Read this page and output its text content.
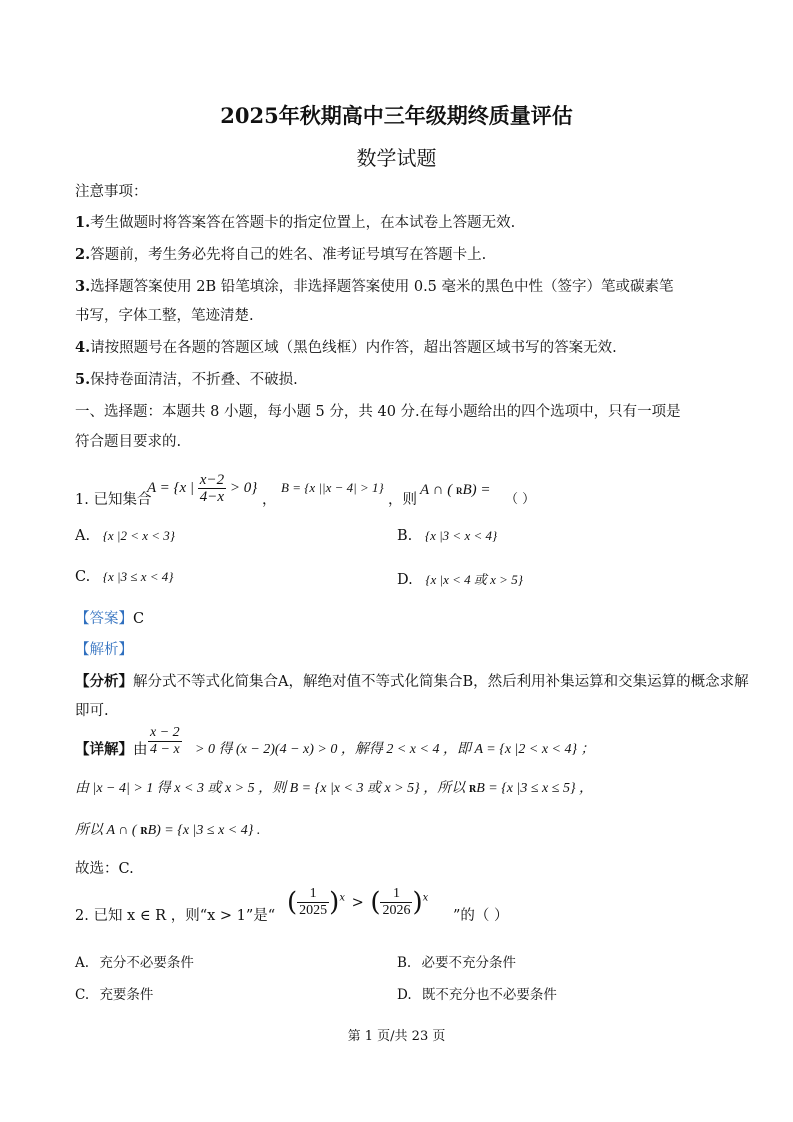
2025年秋期高中三年级期终质量评估
数学试题
注意事项：
1.考生做题时将答案答在答题卡的指定位置上，在本试卷上答题无效.
2.答题前，考生务必先将自己的姓名、准考证号填写在答题卡上.
3.选择题答案使用 2B 铅笔填涂，非选择题答案使用 0.5 毫米的黑色中性（签字）笔或碳素笔
书写，字体工整，笔迹清楚.
4.请按照题号在各题的答题区域（黑色线框）内作答，超出答题区域书写的答案无效.
5.保持卷面清洁，不折叠、不破损.
一、选择题：本题共 8 小题，每小题 5 分，共 40 分.在每小题给出的四个选项中，只有一项是
符合题目要求的.
1. 已知集合
A = {x | $\frac{x-2}{4-x} > 0$}
，
B = {x ||x − 4| > 1}
，则
A ∩ ( RB) =
（ ）
A. {x |2 < x < 3}	B. {x |3 < x < 4}
C. {x |3 ≤ x < 4}	D. {x |x < 4 或 x > 5}
【答案】C
【解析】
【分析】解分式不等式化简集合A，解绝对值不等式化简集合B，然后利用补集运算和交集运算的概念求解
即可.
【详解】 由 $\frac{x - 2}{4 - x} > 0$ 得 (x − 2)(4 − x) > 0 ，解得 2 < x < 4 ，即 A = {x |2 < x < 4} ；
由 |x − 4| > 1 得 x < 3 或 x > 5 ，则 B = {x |x < 3 或 x > 5} ，所以 RB = {x |3 ≤ x ≤ 5} ，
所以 A ∩ ( RB) = {x |3 ≤ x < 4} .
故选：C.
2. 已知 x ∈ R ，则“x > 1”是“ ( $\frac{1}{2025} )^x$ > ( $\frac{1}{2026} )^x$
”的（ ）
A. 充分不必要条件	B. 必要不充分条件
C. 充要条件	D. 既不充分也不必要条件
第 1 页/共 23 页
